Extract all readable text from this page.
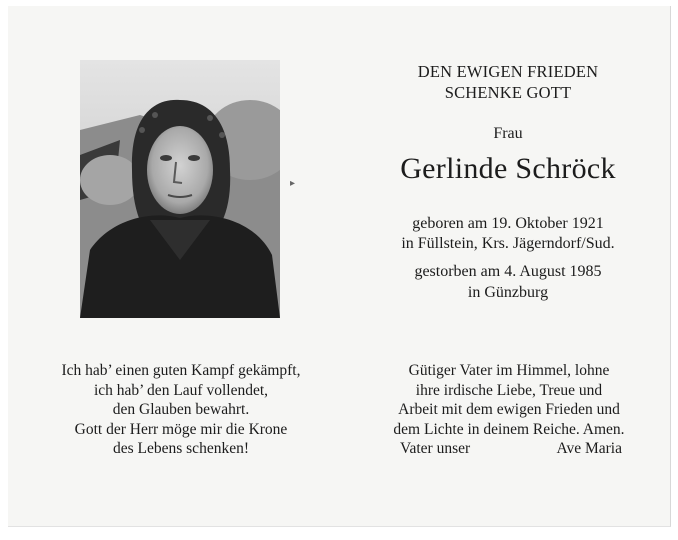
▸
DEN EWIGEN FRIEDEN
SCHENKE GOTT
Frau
Gerlinde Schröck
geboren am 19. Oktober 1921
in Füllstein, Krs. Jägerndorf/Sud.
gestorben am 4. August 1985
in Günzburg
Ich hab’ einen guten Kampf gekämpft,
ich hab’ den Lauf vollendet,
den Glauben bewahrt.
Gott der Herr möge mir die Krone
des Lebens schenken!
Gütiger Vater im Himmel, lohne
ihre irdische Liebe, Treue und
Arbeit mit dem ewigen Frieden und
dem Lichte in deinem Reiche. Amen.
Vater unser	Ave Maria
